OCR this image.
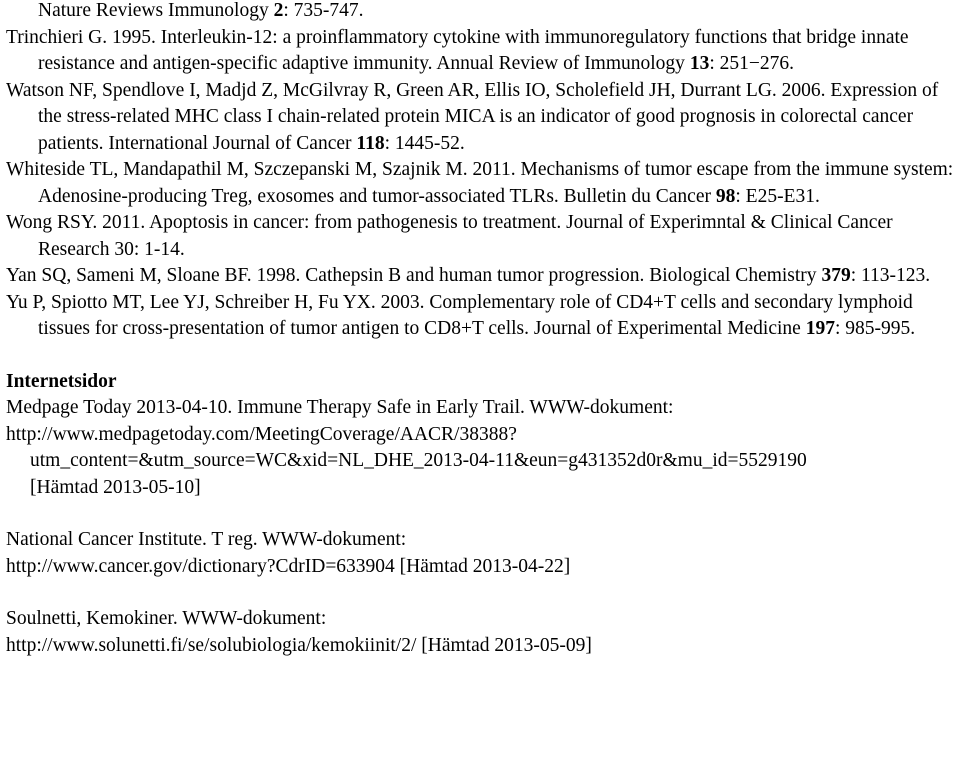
Nature Reviews Immunology 2: 735-747.

Trinchieri G. 1995. Interleukin-12: a proinflammatory cytokine with immunoregulatory functions that bridge innate resistance and antigen-specific adaptive immunity. Annual Review of Immunology 13: 251−276.

Watson NF, Spendlove I, Madjd Z, McGilvray R, Green AR, Ellis IO, Scholefield JH, Durrant LG. 2006. Expression of the stress-related MHC class I chain-related protein MICA is an indicator of good prognosis in colorectal cancer patients. International Journal of Cancer 118: 1445-52.

Whiteside TL, Mandapathil M, Szczepanski M, Szajnik M. 2011. Mechanisms of tumor escape from the immune system: Adenosine-producing Treg, exosomes and tumor-associated TLRs. Bulletin du Cancer 98: E25-E31.

Wong RSY. 2011. Apoptosis in cancer: from pathogenesis to treatment. Journal of Experimntal & Clinical Cancer Research 30: 1-14.

Yan SQ, Sameni M, Sloane BF. 1998. Cathepsin B and human tumor progression. Biological Chemistry 379: 113-123.

Yu P, Spiotto MT, Lee YJ, Schreiber H, Fu YX. 2003. Complementary role of CD4+T cells and secondary lymphoid tissues for cross-presentation of tumor antigen to CD8+T cells. Journal of Experimental Medicine 197: 985-995.

Internetsidor

Medpage Today 2013-04-10. Immune Therapy Safe in Early Trail. WWW-dokument:
http://www.medpagetoday.com/MeetingCoverage/AACR/38388?

utm_content=&utm_source=WC&xid=NL_DHE_2013-04-11&eun=g431352d0r&mu_id=5529190
[Hämtad 2013-05-10]

National Cancer Institute. T reg. WWW-dokument:
http://www.cancer.gov/dictionary?CdrID=633904 [Hämtad 2013-04-22]

Soulnetti, Kemokiner. WWW-dokument:
http://www.solunetti.fi/se/solubiologia/kemokiinit/2/ [Hämtad 2013-05-09]
